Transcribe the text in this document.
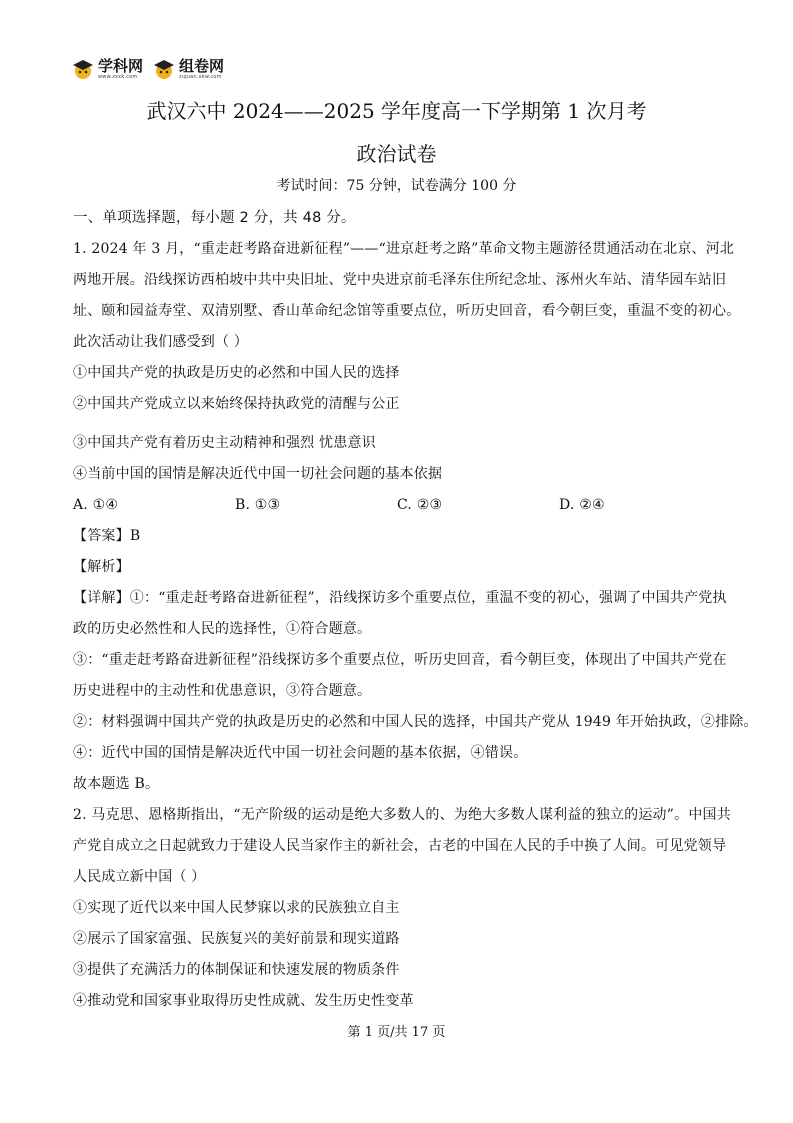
学科网
www.zxxk.com
组卷网
zujuan.xkw.com
武汉六中 2024——2025 学年度高一下学期第 1 次月考
政治试卷
考试时间：75 分钟，试卷满分 100 分
一、单项选择题，每小题 2 分，共 48 分。
1. 2024 年 3 月，“重走赶考路奋进新征程”——“进京赶考之路”革命文物主题游径贯通活动在北京、河北
两地开展。沿线探访西柏坡中共中央旧址、党中央进京前毛泽东住所纪念址、涿州火车站、清华园车站旧
址、颐和园益寿堂、双清别墅、香山革命纪念馆等重要点位，听历史回音，看今朝巨变，重温不变的初心。
此次活动让我们感受到（ ）
①中国共产党的执政是历史的必然和中国人民的选择
②中国共产党成立以来始终保持执政党的清醒与公正
③中国共产党有着历史主动精神和强烈 忧患意识
④当前中国的国情是解决近代中国一切社会问题的基本依据
A. ①④	B. ①③	C. ②③	D. ②④
【答案】B
【解析】
【详解】①：“重走赶考路奋进新征程”，沿线探访多个重要点位，重温不变的初心，强调了中国共产党执
政的历史必然性和人民的选择性，①符合题意。
③：“重走赶考路奋进新征程”沿线探访多个重要点位，听历史回音，看今朝巨变，体现出了中国共产党在
历史进程中的主动性和优患意识，③符合题意。
②：材料强调中国共产党的执政是历史的必然和中国人民的选择，中国共产党从 1949 年开始执政，②排除。
④：近代中国的国情是解决近代中国一切社会问题的基本依据，④错误。
故本题选 B。
2. 马克思、恩格斯指出，“无产阶级的运动是绝大多数人的、为绝大多数人谋利益的独立的运动”。中国共
产党自成立之日起就致力于建设人民当家作主的新社会，古老的中国在人民的手中换了人间。可见党领导
人民成立新中国（ ）
①实现了近代以来中国人民梦寐以求的民族独立自主
②展示了国家富强、民族复兴的美好前景和现实道路
③提供了充满活力的体制保证和快速发展的物质条件
④推动党和国家事业取得历史性成就、发生历史性变革
第 1 页/共 17 页
